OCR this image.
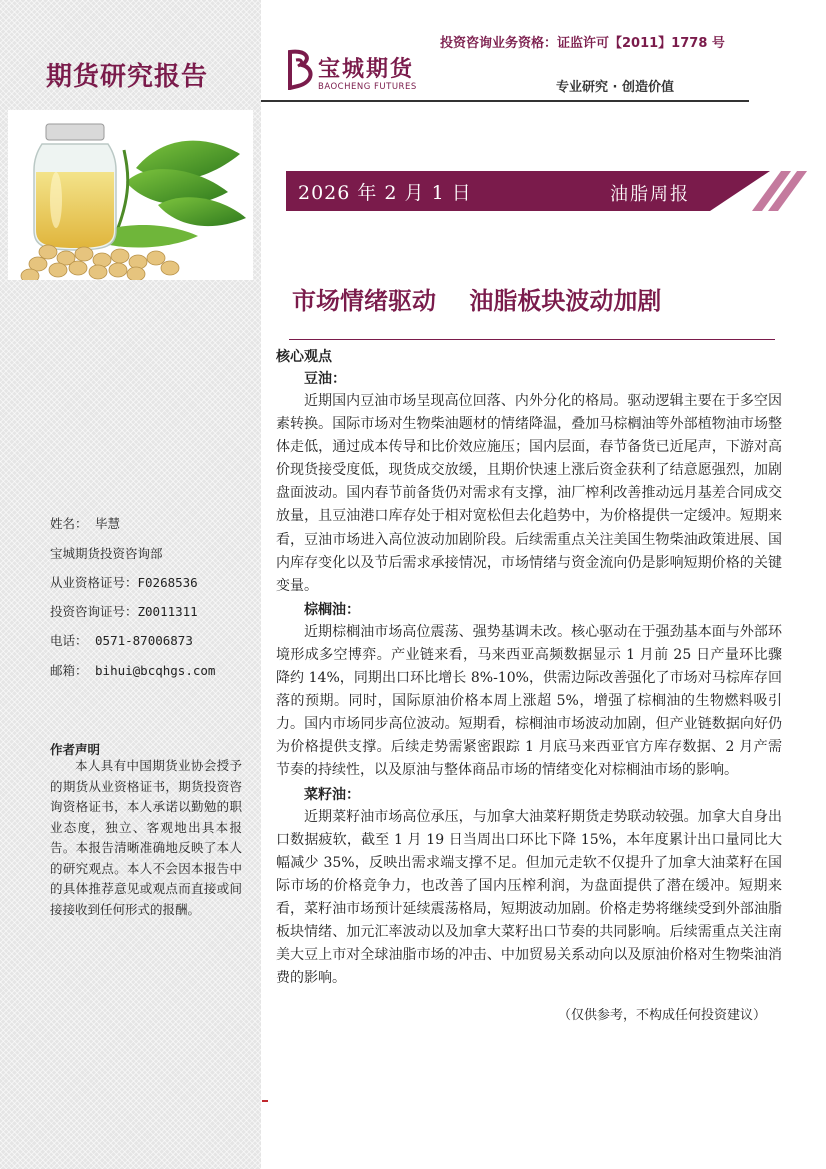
期货研究报告
姓名： 毕慧
宝城期货投资咨询部
从业资格证号：F0268536
投资咨询证号：Z0011311
电话： 0571-87006873
邮箱： bihui@bcqhgs.com
作者声明
本人具有中国期货业协会授予的期货从业资格证书，期货投资咨询资格证书，本人承诺以勤勉的职业态度，独立、客观地出具本报告。本报告清晰准确地反映了本人的研究观点。本人不会因本报告中的具体推荐意见或观点而直接或间接接收到任何形式的报酬。

投资咨询业务资格：证监许可【2011】1778 号

宝城期货
BAOCHENG FUTURES	专业研究 · 创造价值

2026 年 2 月 1 日	油脂周报
市场情绪驱动    油脂板块波动加剧

核心观点

豆油：

近期国内豆油市场呈现高位回落、内外分化的格局。驱动逻辑主要在于多空因素转换。国际市场对生物柴油题材的情绪降温，叠加马棕榈油等外部植物油市场整体走低，通过成本传导和比价效应施压；国内层面，春节备货已近尾声，下游对高价现货接受度低，现货成交放缓，且期价快速上涨后资金获利了结意愿强烈，加剧盘面波动。国内春节前备货仍对需求有支撑，油厂榨利改善推动远月基差合同成交放量，且豆油港口库存处于相对宽松但去化趋势中，为价格提供一定缓冲。短期来看，豆油市场进入高位波动加剧阶段。后续需重点关注美国生物柴油政策进展、国内库存变化以及节后需求承接情况，市场情绪与资金流向仍是影响短期价格的关键变量。

棕榈油：

近期棕榈油市场高位震荡、强势基调未改。核心驱动在于强劲基本面与外部环境形成多空博弈。产业链来看，马来西亚高频数据显示 1 月前 25 日产量环比骤降约 14%，同期出口环比增长 8%-10%，供需边际改善强化了市场对马棕库存回落的预期。同时，国际原油价格本周上涨超 5%，增强了棕榈油的生物燃料吸引力。国内市场同步高位波动。短期看，棕榈油市场波动加剧，但产业链数据向好仍为价格提供支撑。后续走势需紧密跟踪 1 月底马来西亚官方库存数据、2 月产需节奏的持续性，以及原油与整体商品市场的情绪变化对棕榈油市场的影响。

菜籽油：

近期菜籽油市场高位承压，与加拿大油菜籽期货走势联动较强。加拿大自身出口数据疲软，截至 1 月 19 日当周出口环比下降 15%，本年度累计出口量同比大幅减少 35%，反映出需求端支撑不足。但加元走软不仅提升了加拿大油菜籽在国际市场的价格竞争力，也改善了国内压榨利润，为盘面提供了潜在缓冲。短期来看，菜籽油市场预计延续震荡格局，短期波动加剧。价格走势将继续受到外部油脂板块情绪、加元汇率波动以及加拿大菜籽出口节奏的共同影响。后续需重点关注南美大豆上市对全球油脂市场的冲击、中加贸易关系动向以及原油价格对生物柴油消费的影响。

（仅供参考，不构成任何投资建议）
